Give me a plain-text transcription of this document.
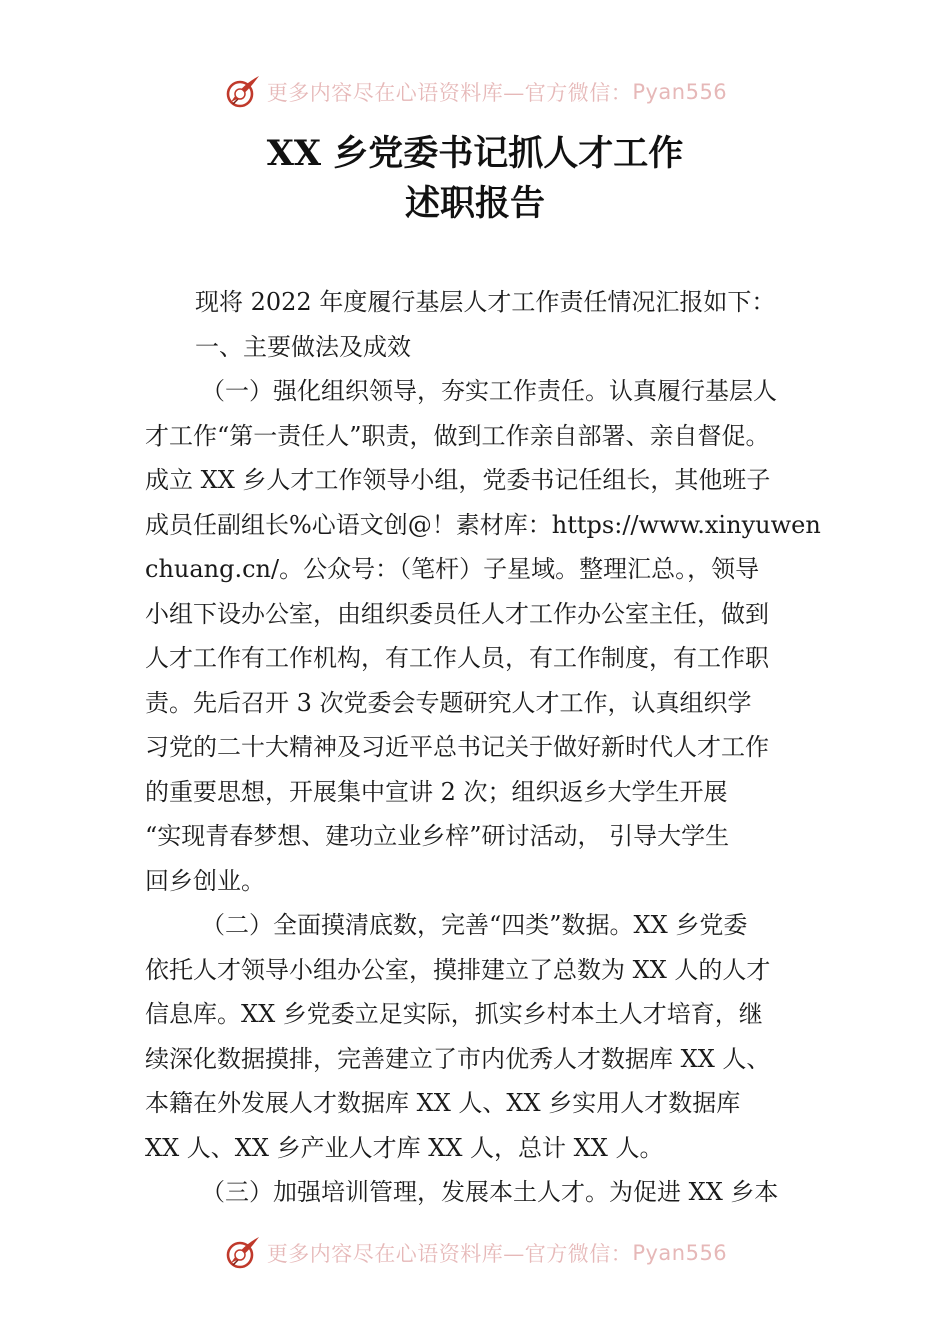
更多内容尽在心语资料库—官方微信： Pyan556
XX 乡党委书记抓人才工作
述职报告
现将 2022 年度履行基层人才工作责任情况汇报如下：
一、主要做法及成效
（一）强化组织领导，夯实工作责任。认真履行基层人
才工作“第一责任人”职责，做到工作亲自部署、亲自督促。
成立 XX 乡人才工作领导小组，党委书记任组长，其他班子
成员任副组长%心语文创@！素材库：https://www.xinyuwen
chuang.cn/。公众号：（笔杆）子星域。整理汇总。，领导
小组下设办公室，由组织委员任人才工作办公室主任，做到
人才工作有工作机构，有工作人员，有工作制度，有工作职
责。先后召开 3 次党委会专题研究人才工作，认真组织学
习党的二十大精神及习近平总书记关于做好新时代人才工作
的重要思想，开展集中宣讲 2 次；组织返乡大学生开展
“实现青春梦想、建功立业乡梓”研讨活动， 引导大学生
回乡创业。
（二）全面摸清底数，完善“四类”数据。XX 乡党委
依托人才领导小组办公室，摸排建立了总数为 XX 人的人才
信息库。XX 乡党委立足实际，抓实乡村本土人才培育，继
续深化数据摸排，完善建立了市内优秀人才数据库 XX 人、
本籍在外发展人才数据库 XX 人、XX 乡实用人才数据库
XX 人、XX 乡产业人才库 XX 人，总计 XX 人。
（三）加强培训管理，发展本土人才。为促进 XX 乡本
更多内容尽在心语资料库—官方微信： Pyan556
